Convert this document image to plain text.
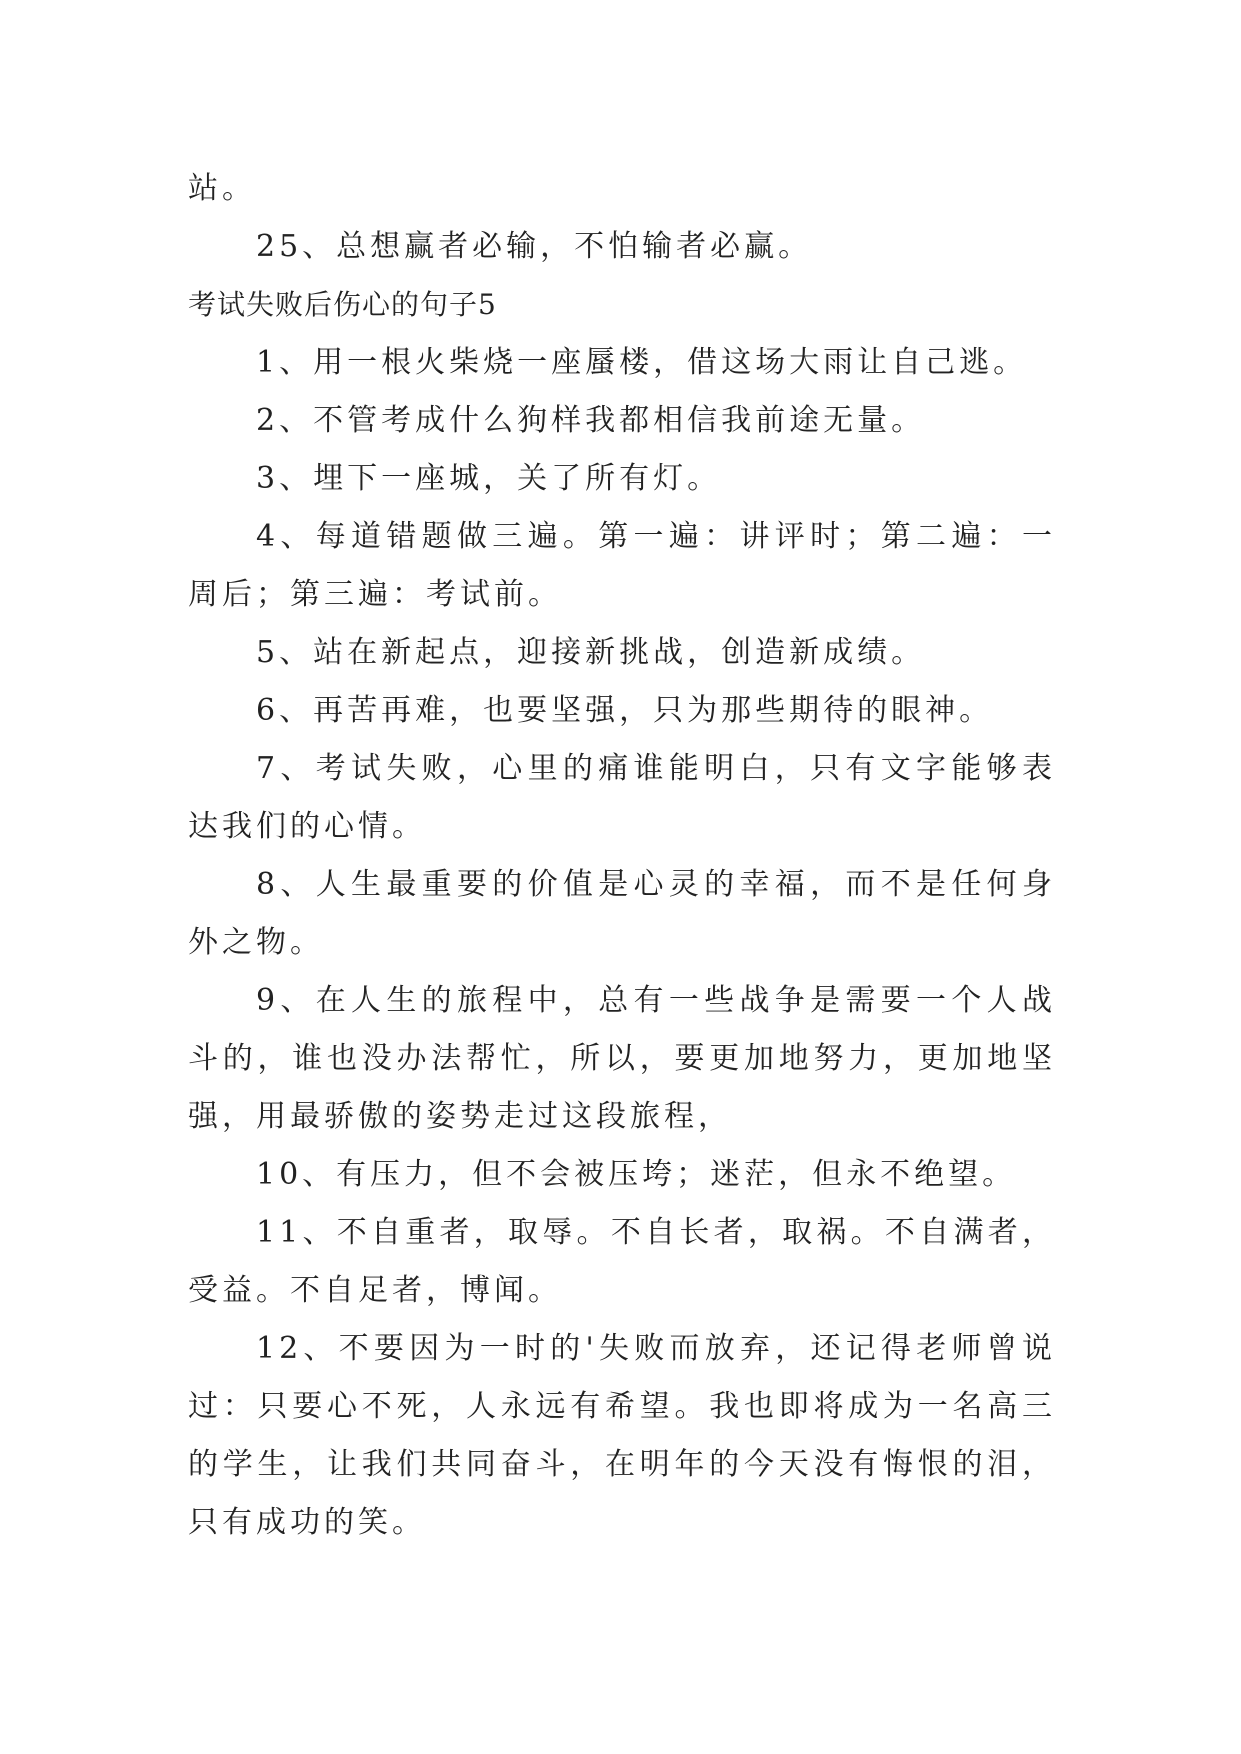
站。

25、总想赢者必输，不怕输者必赢。

考试失败后伤心的句子5

1、用一根火柴烧一座蜃楼，借这场大雨让自己逃。

2、不管考成什么狗样我都相信我前途无量。

3、埋下一座城，关了所有灯。

4、每道错题做三遍。第一遍：讲评时；第二遍：一周后；第三遍：考试前。

5、站在新起点，迎接新挑战，创造新成绩。

6、再苦再难，也要坚强，只为那些期待的眼神。

7、考试失败，心里的痛谁能明白，只有文字能够表达我们的心情。

8、人生最重要的价值是心灵的幸福，而不是任何身外之物。

9、在人生的旅程中，总有一些战争是需要一个人战斗的，谁也没办法帮忙，所以，要更加地努力，更加地坚强，用最骄傲的姿势走过这段旅程，

10、有压力，但不会被压垮；迷茫，但永不绝望。

11、不自重者，取辱。不自长者，取祸。不自满者，受益。不自足者，博闻。

12、不要因为一时的'失败而放弃，还记得老师曾说过：只要心不死，人永远有希望。我也即将成为一名高三的学生，让我们共同奋斗，在明年的今天没有悔恨的泪，只有成功的笑。
